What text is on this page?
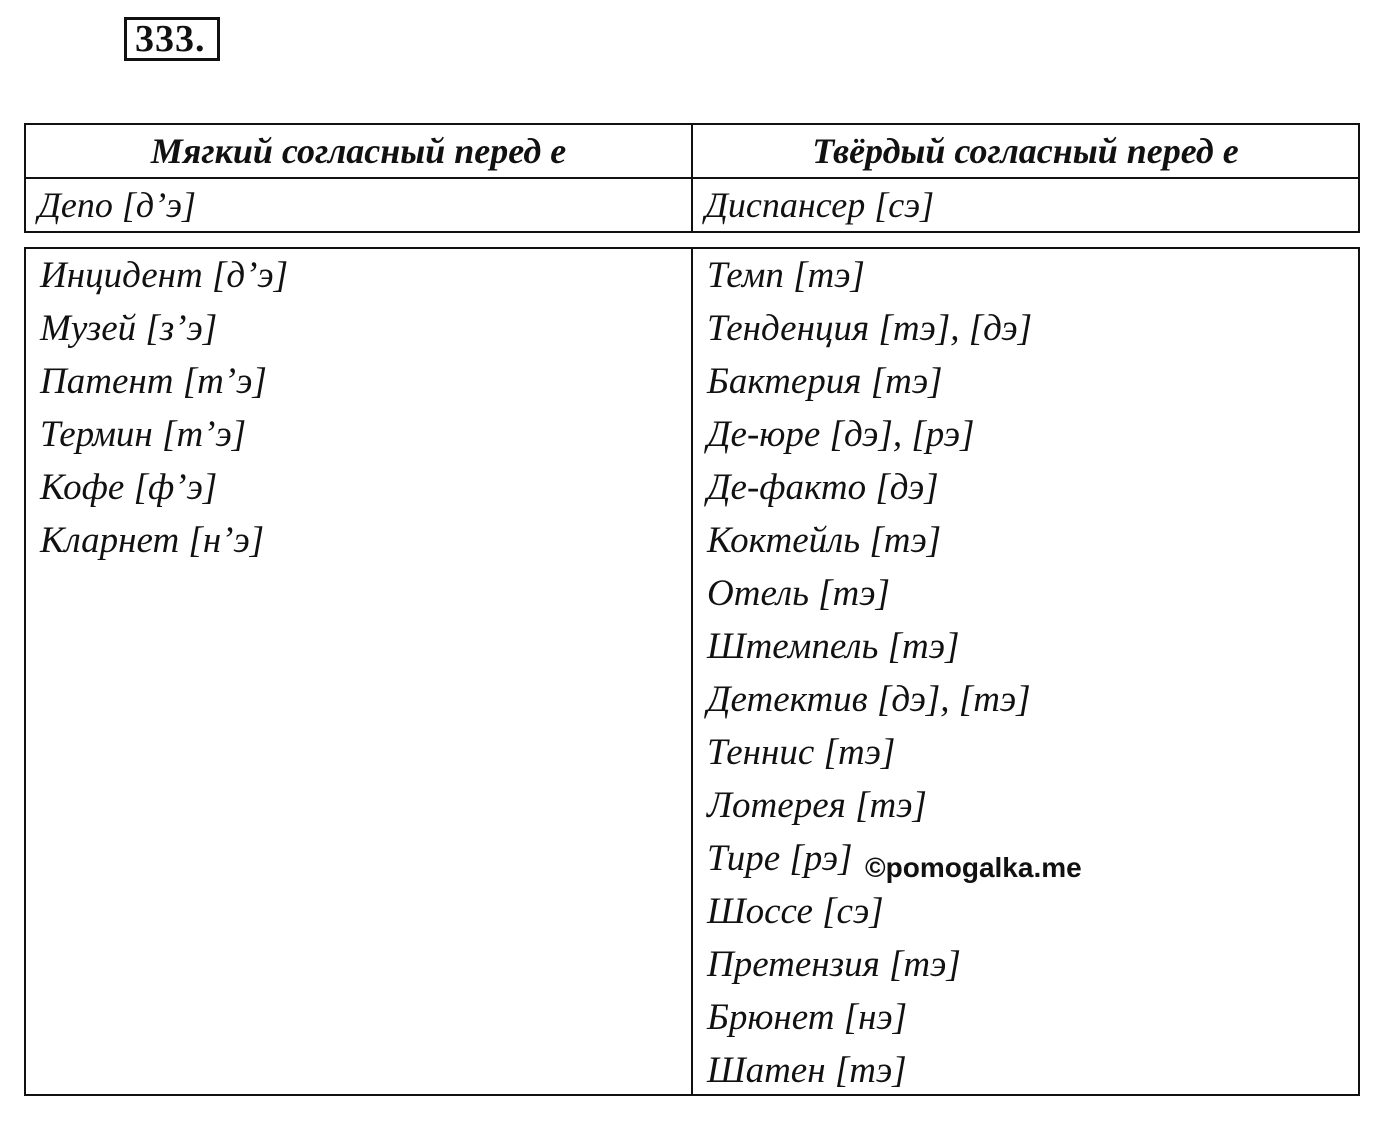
333.
Мягкий согласный перед е	Твёрдый согласный перед е
Депо [д’э]	Диспансер [сэ]
Инцидент [д’э]
Музей [з’э]
Патент [т’э]
Термин [т’э]
Кофе [ф’э]
Кларнет [н’э]
Темп [тэ]
Тенденция [тэ], [дэ]
Бактерия [тэ]
Де-юре [дэ], [рэ]
Де-факто [дэ]
Коктейль [тэ]
Отель [тэ]
Штемпель [тэ]
Детектив [дэ], [тэ]
Теннис [тэ]
Лотерея [тэ]
Тире [рэ]
Шоссе [сэ]
Претензия [тэ]
Брюнет [нэ]
Шатен [тэ]
©pomogalka.me
